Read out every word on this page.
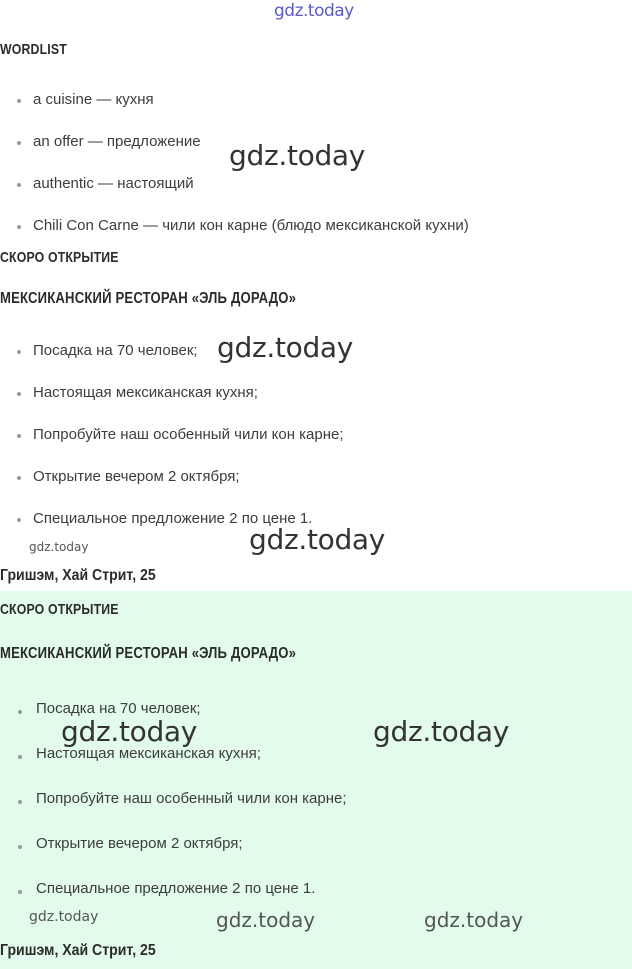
gdz.today
WORDLIST
a cuisine — кухня
an offer — предложение
authentic — настоящий
Chili Con Carne — чили кон карне (блюдо мексиканской кухни)
gdz.today
СКОРО ОТКРЫТИЕ
МЕКСИКАНСКИЙ РЕСТОРАН «ЭЛЬ ДОРАДО»
Посадка на 70 человек;
Настоящая мексиканская кухня;
Попробуйте наш особенный чили кон карне;
Открытие вечером 2 октября;
Специальное предложение 2 по цене 1.
gdz.today
gdz.today	gdz.today
Гришэм, Хай Стрит, 25
СКОРО ОТКРЫТИЕ
МЕКСИКАНСКИЙ РЕСТОРАН «ЭЛЬ ДОРАДО»
Посадка на 70 человек;
Настоящая мексиканская кухня;
Попробуйте наш особенный чили кон карне;
Открытие вечером 2 октября;
Специальное предложение 2 по цене 1.
gdz.today	gdz.today
gdz.today	gdz.today	gdz.today
Гришэм, Хай Стрит, 25
